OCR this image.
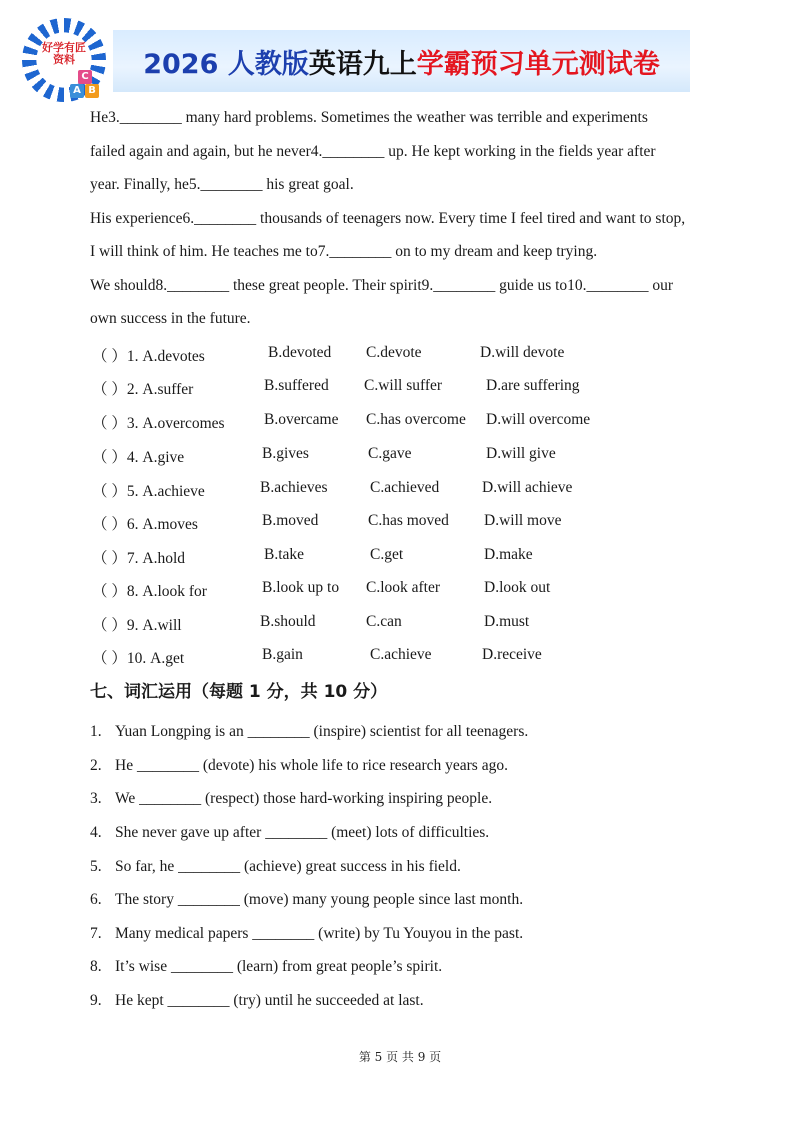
好学有匠
资料
A B
C 2026 人教版 英语九上 学霸预习单元测试卷
He3.________ many hard problems. Sometimes the weather was terrible and experiments
failed again and again, but he never4.________ up. He kept working in the fields year after
year. Finally, he5.________ his great goal.
His experience6.________ thousands of teenagers now. Every time I feel tired and want to stop,
I will think of him. He teaches me to7.________ on to my dream and keep trying.
We should8.________ these great people. Their spirit9.________ guide us to10.________ our
own success in the future.
（ ）1. A.devotes	B.devoted C.devote	D.will devote
（ ）2. A.suffer	B.suffered C.will suffer	D.are suffering
（ ）3. A.overcomes	B.overcame C.has overcome D.will overcome
（ ）4. A.give	B.gives	C.gave	D.will give
（ ）5. A.achieve	B.achieves	C.achieved	D.will achieve
（ ）6. A.moves	B.moved	C.has moved D.will move
（ ）7. A.hold	B.take	C.get	D.make
（ ）8. A.look for	B.look up to C.look after	D.look out
（ ）9. A.will	B.should	C.can	D.must
（ ）10. A.get	B.gain	C.achieve	D.receive
七、词汇运用（每题 1 分，共 10 分）
1. Yuan Longping is an ________ (inspire) scientist for all teenagers.
2. He ________ (devote) his whole life to rice research years ago.
3. We ________ (respect) those hard-working inspiring people.
4. She never gave up after ________ (meet) lots of difficulties.
5. So far, he ________ (achieve) great success in his field.
6. The story ________ (move) many young people since last month.
7. Many medical papers ________ (write) by Tu Youyou in the past.
8. It’s wise ________ (learn) from great people’s spirit.
9. He kept ________ (try) until he succeeded at last.
第 5 页 共 9 页
